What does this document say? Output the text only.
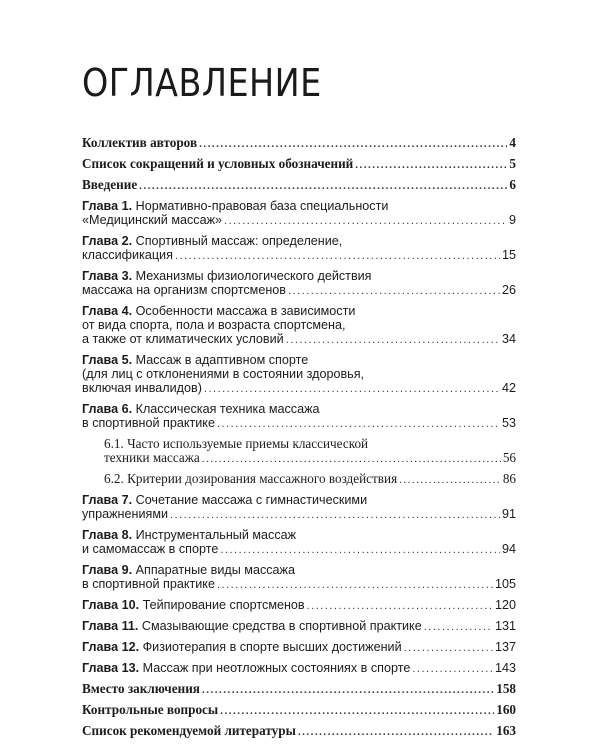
ОГЛАВЛЕНИЕ
Коллектив авторов .....	4
Список сокращений и условных обозначений .....	5
Введение .....	6
Глава 1.
Нормативно-правовая база специальности
«Медицинский массаж» .....	9
Глава 2.
Спортивный массаж: определение,
классификация .....	15
Глава 3.
Механизмы физиологического действия
массажа на организм спортсменов .....	26
Глава 4.
Особенности массажа в зависимости
от вида спорта, пола и возраста спортсмена,
а также от климатических условий .....	34
Глава 5.
Массаж в адаптивном спорте
(для лиц с отклонениями в состоянии здоровья,
включая инвалидов) .....	42
Глава 6.
Классическая техника массажа
в спортивной практике .....	53
6.1. Часто используемые приемы классической
техники массажа .....	56
6.2. Критерии дозирования массажного воздействия .....	86
Глава 7.
Сочетание массажа с гимнастическими
упражнениями .....	91
Глава 8.
Инструментальный массаж
и самомассаж в спорте .....	94
Глава 9.
Аппаратные виды массажа
в спортивной практике .....	105
Глава 10.
Тейпирование спортсменов .....	120
Глава 11.
Смазывающие средства в спортивной практике .....	131
Глава 12.
Физиотерапия в спорте высших достижений .....	137
Глава 13.
Массаж при неотложных состояниях в спорте .....	143
Вместо заключения .....	158
Контрольные вопросы .....	160
Список рекомендуемой литературы .....	163
